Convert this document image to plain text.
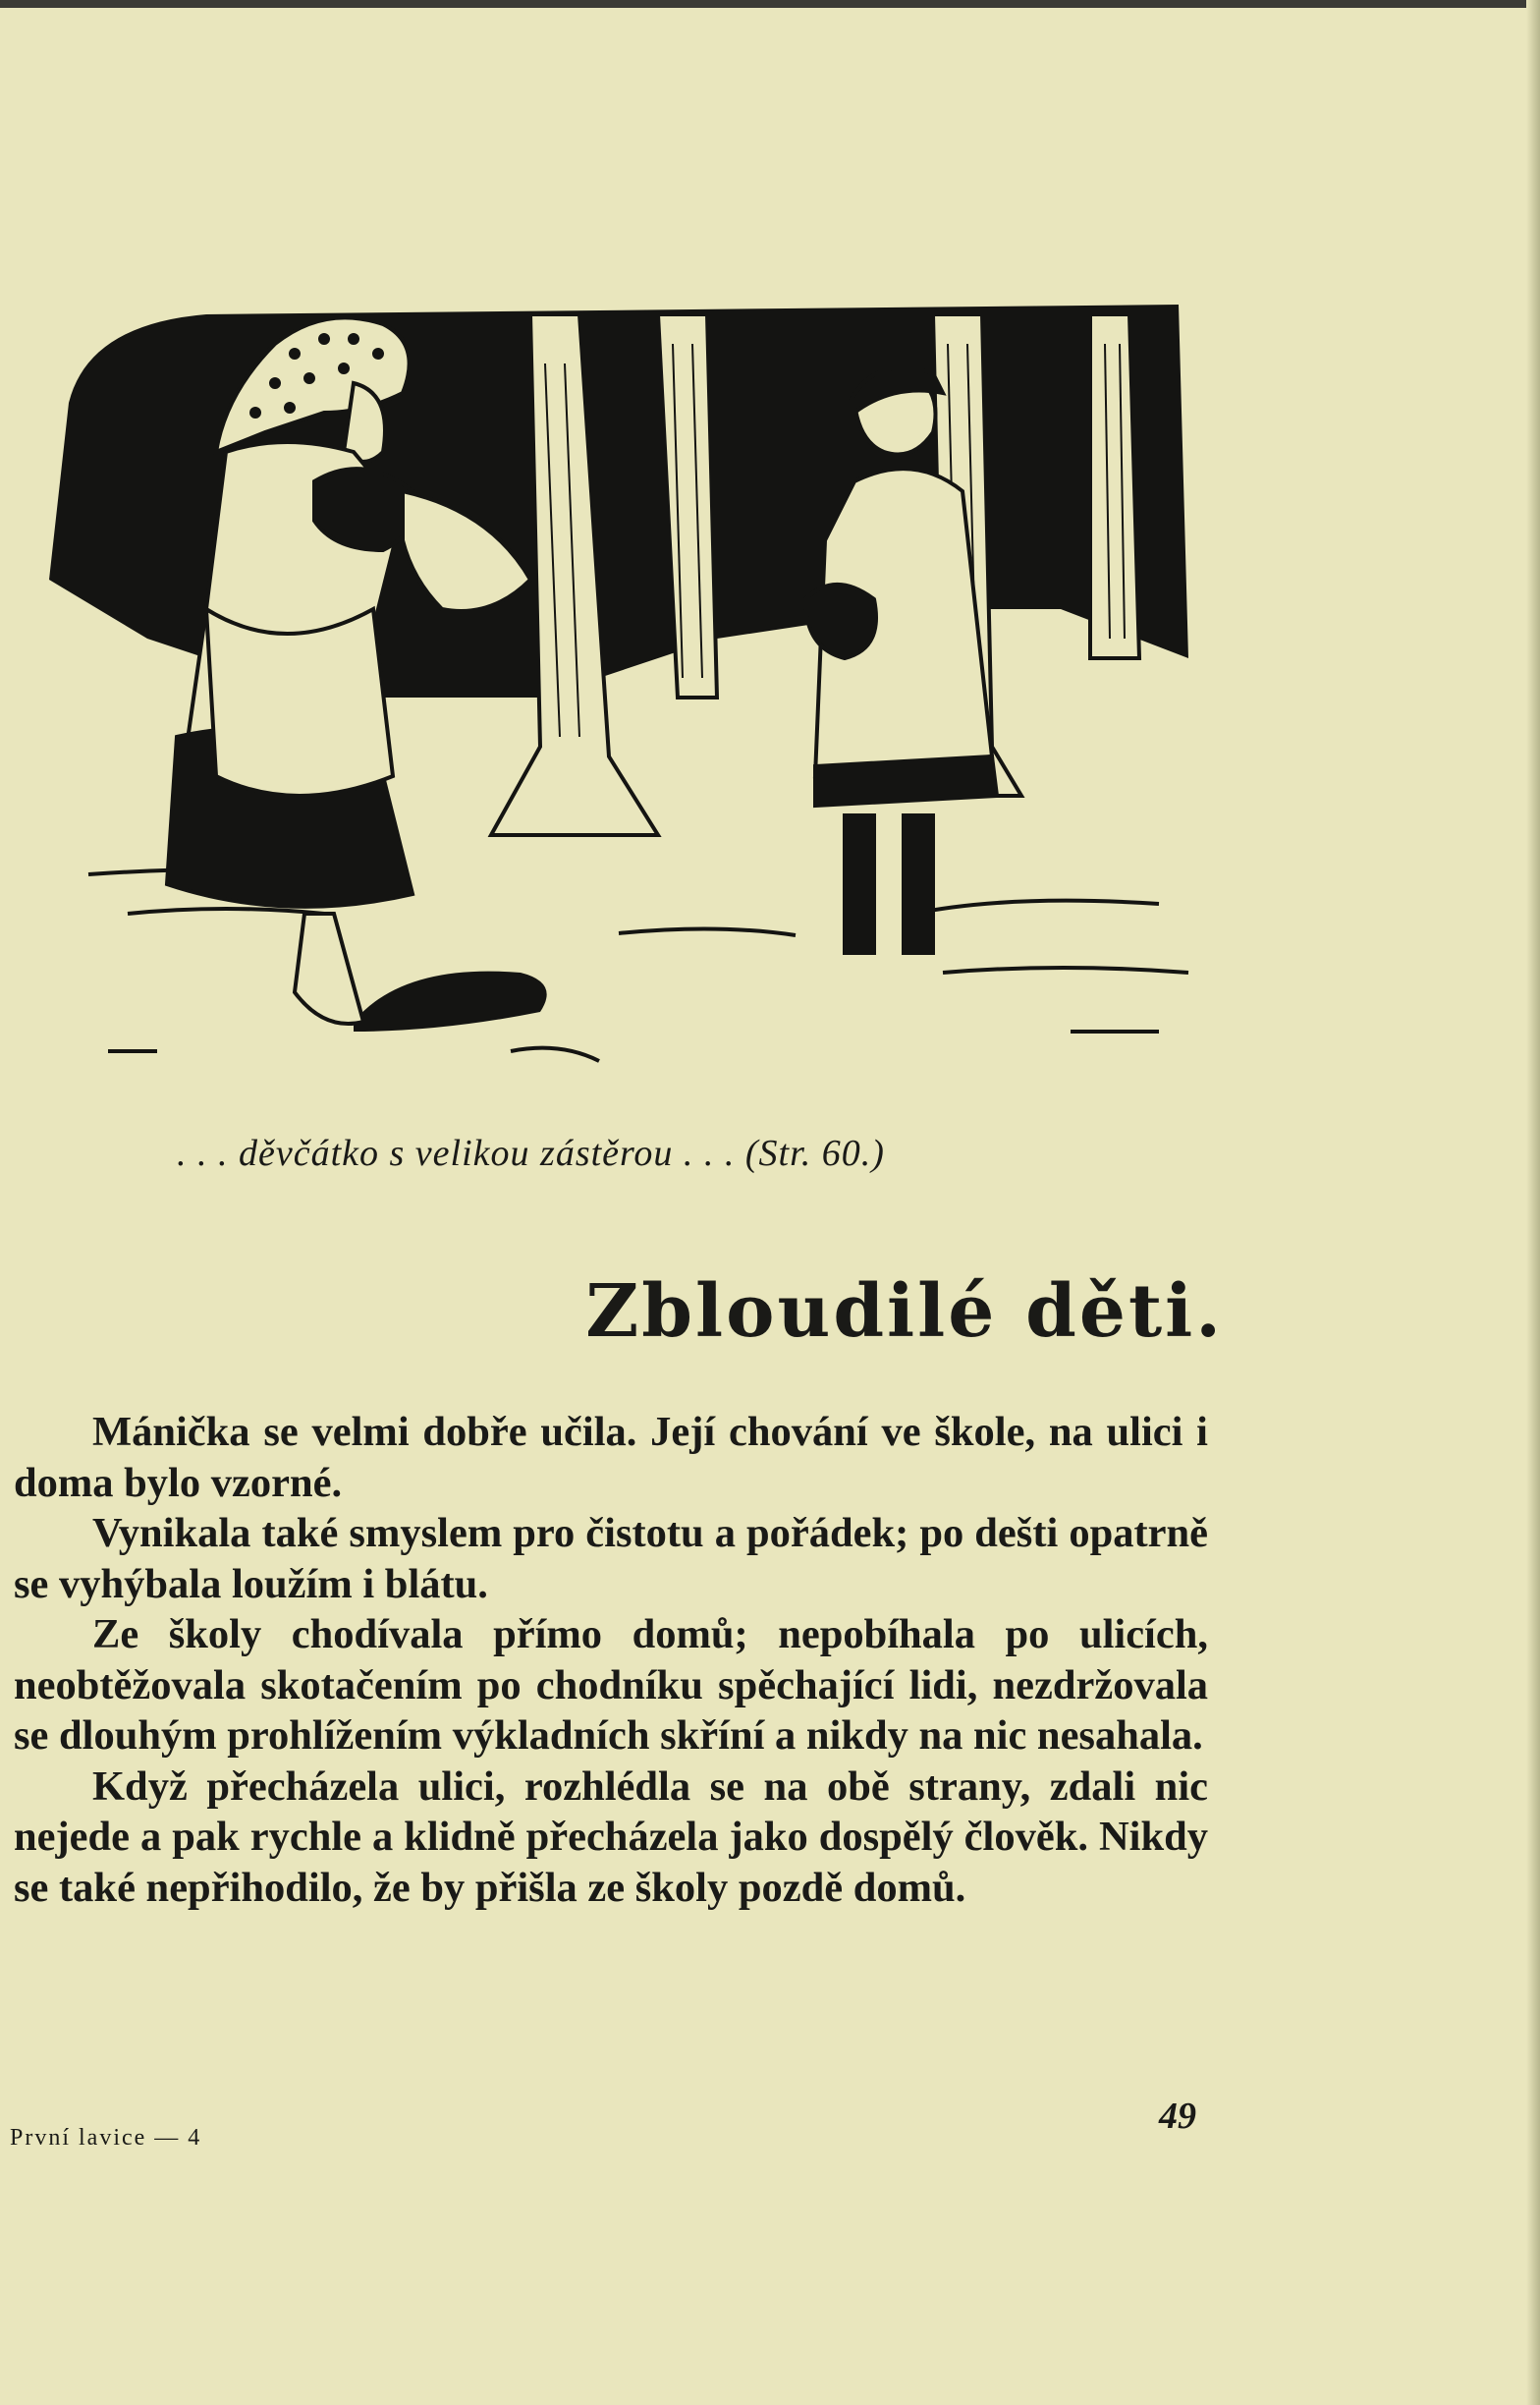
. . . děvčátko s velikou zástěrou . . . (Str. 60.)
Zbloudilé děti.

Mánička se velmi dobře učila. Její chování ve škole, na ulici i doma bylo vzorné.

Vynikala také smyslem pro čistotu a pořádek; po dešti opatrně se vyhýbala loužím i blátu.

Ze školy chodívala přímo domů; nepobíhala po ulicích, neobtěžovala skotačením po chodníku spěchající lidi, nezdržovala se dlouhým prohlížením výkladních skříní a nikdy na nic nesahala.

Když přecházela ulici, rozhlédla se na obě strany, zdali nic nejede a pak rychle a klidně přecházela jako dospělý člověk. Nikdy se také nepřihodilo, že by přišla ze školy pozdě domů.

První lavice — 4
49
